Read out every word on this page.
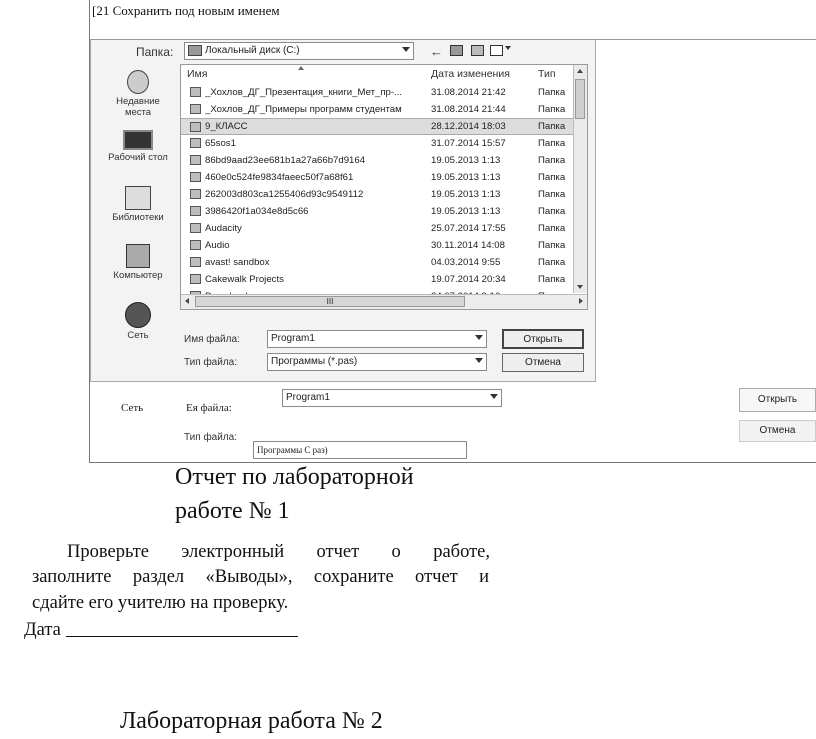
[21 Сохранить под новым именем
Папка:	Локальный диск (C:)	←
Недавние места
Рабочий стол
Библиотеки
Компьютер
Сеть
Имя	Дата изменения	Тип
_Хохлов_ДГ_Презентация_книги_Мет_пр-...	31.08.2014 21:42	Папка
_Хохлов_ДГ_Примеры программ студентам	31.08.2014 21:44	Папка
9_КЛАСС	28.12.2014 18:03	Папка
65sos1	31.07.2014 15:57	Папка
86bd9aad23ee681b1a27a66b7d9164	19.05.2013 1:13	Папка
460e0c524fe9834faeec50f7a68f61	19.05.2013 1:13	Папка
262003d803ca1255406d93c9549112	19.05.2013 1:13	Папка
3986420f1a034e8d5c66	19.05.2013 1:13	Папка
Audacity	25.07.2014 17:55	Папка
Audio	30.11.2014 14:08	Папка
avast! sandbox	04.03.2014 9:55	Папка
Cakewalk Projects	19.07.2014 20:34	Папка
III
Имя файла:	Program1
Тип файла:	Программы (*.pas)
Открыть
Отмена
Сеть	Ея файла:
Program1
Тип файла:
Программы С раз)
Открыть
Отмена
Отчет по лабораторной
работе № 1
Проверьте электронный отчет о работе,
заполните раздел «Выводы», сохраните отчет и
сдайте его учителю на проверку.
Дата
Лабораторная работа № 2
